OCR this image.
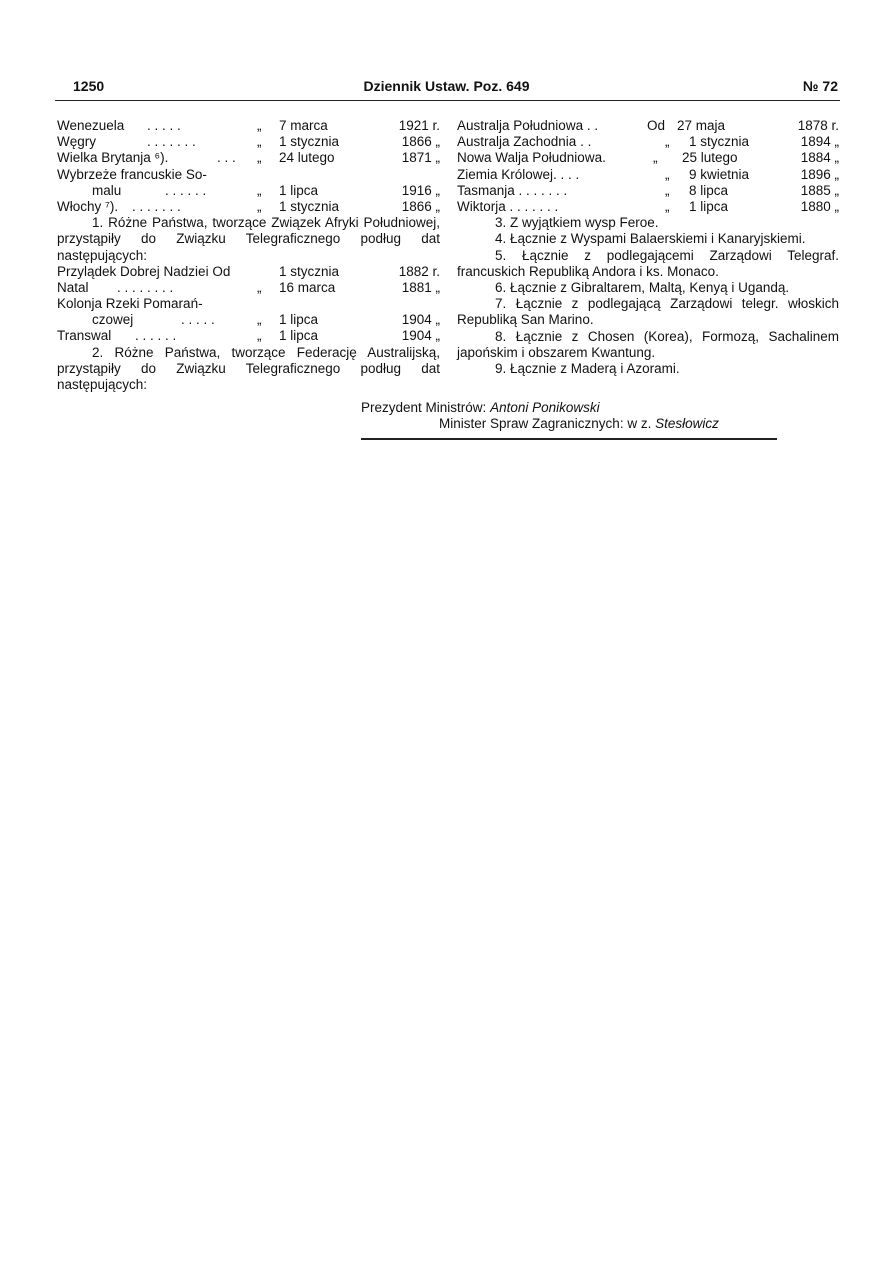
1250	Dziennik Ustaw. Poz. 649	№ 72
Wenezuela . . . . .	„ 7 marca	1921 r.
Węgry	. . . . . . .	„ 1 stycznia	1866 „
Wielka Brytanja ⁶).	. . . „ 24 lutego	1871 „
Wybrzeże francuskie So-
malu	. . . . . .	„ 1 lipca	1916 „
Włochy ⁷). . . . . . . .	„ 1 stycznia	1866 „
1. Różne Państwa, tworzące Związek Afryki Południowej, przystąpiły do Związku Telegraficznego podług dat następujących:
Przylądek Dobrej Nadziei Od	1 stycznia	1882 r.
Natal . . . . . . . .	„ 16 marca	1881 „
Kolonja Rzeki Pomarań-
czowej	. . . . .	„ 1 lipca	1904 „
Transwal . . . . . .	„ 1 lipca	1904 „
2. Różne Państwa, tworzące Federację Australijską, przystąpiły do Związku Telegraficznego podług dat następujących:
Australja Południowa . .	Od 27 maja	1878 r.
Australja Zachodnia . .	„ 1 stycznia	1894 „
Nowa Walja Południowa.	„ 25 lutego	1884 „
Ziemia Królowej. . . .	„ 9 kwietnia	1896 „
Tasmanja . . . . . . .	„ 8 lipca	1885 „
Wiktorja . . . . . . .	„ 1 lipca	1880 „
3. Z wyjątkiem wysp Feroe.
4. Łącznie z Wyspami Balaerskiemi i Kanaryjskiemi.
5. Łącznie z podlegającemi Zarządowi Telegraf. francuskich Republiką Andora i ks. Monaco.
6. Łącznie z Gibraltarem, Maltą, Kenyą i Ugandą.
7. Łącznie z podlegającą Zarządowi telegr. włoskich Republiką San Marino.
8. Łącznie z Chosen (Korea), Formozą, Sachalinem japońskim i obszarem Kwantung.
9. Łącznie z Maderą i Azorami.
Prezydent Ministrów: Antoni Ponikowski
Minister Spraw Zagranicznych: w z. Stesłowicz
